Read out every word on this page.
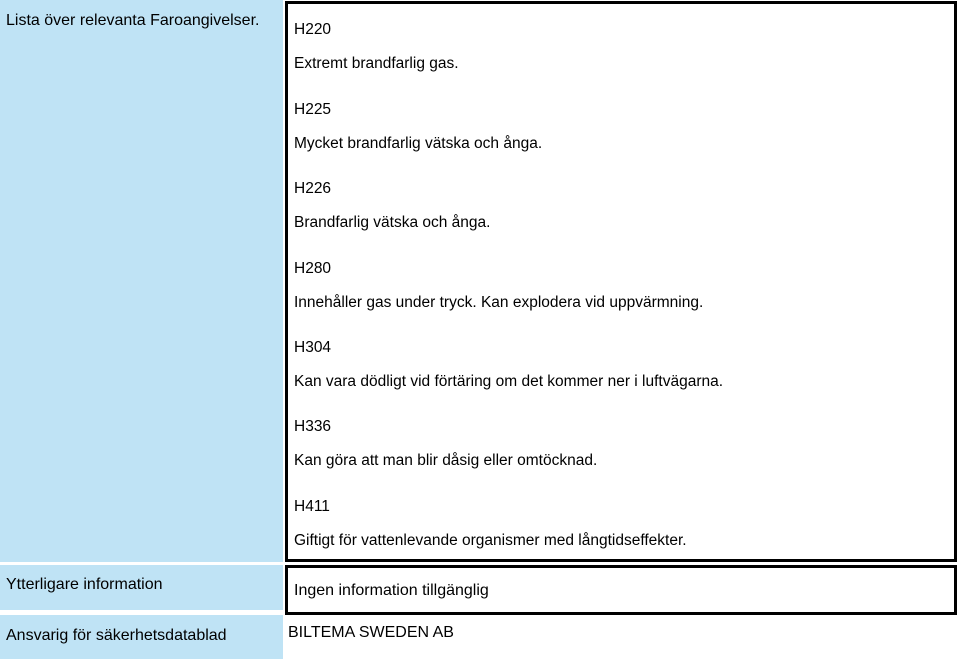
Lista över relevanta Faroangivelser.
H220
Extremt brandfarlig gas.
H225
Mycket brandfarlig vätska och ånga.
H226
Brandfarlig vätska och ånga.
H280
Innehåller gas under tryck. Kan explodera vid uppvärmning.
H304
Kan vara dödligt vid förtäring om det kommer ner i luftvägarna.
H336
Kan göra att man blir dåsig eller omtöcknad.
H411
Giftigt för vattenlevande organismer med långtidseffekter.
Ytterligare information	Ingen information tillgänglig
Ansvarig för säkerhetsdatablad	BILTEMA SWEDEN AB
